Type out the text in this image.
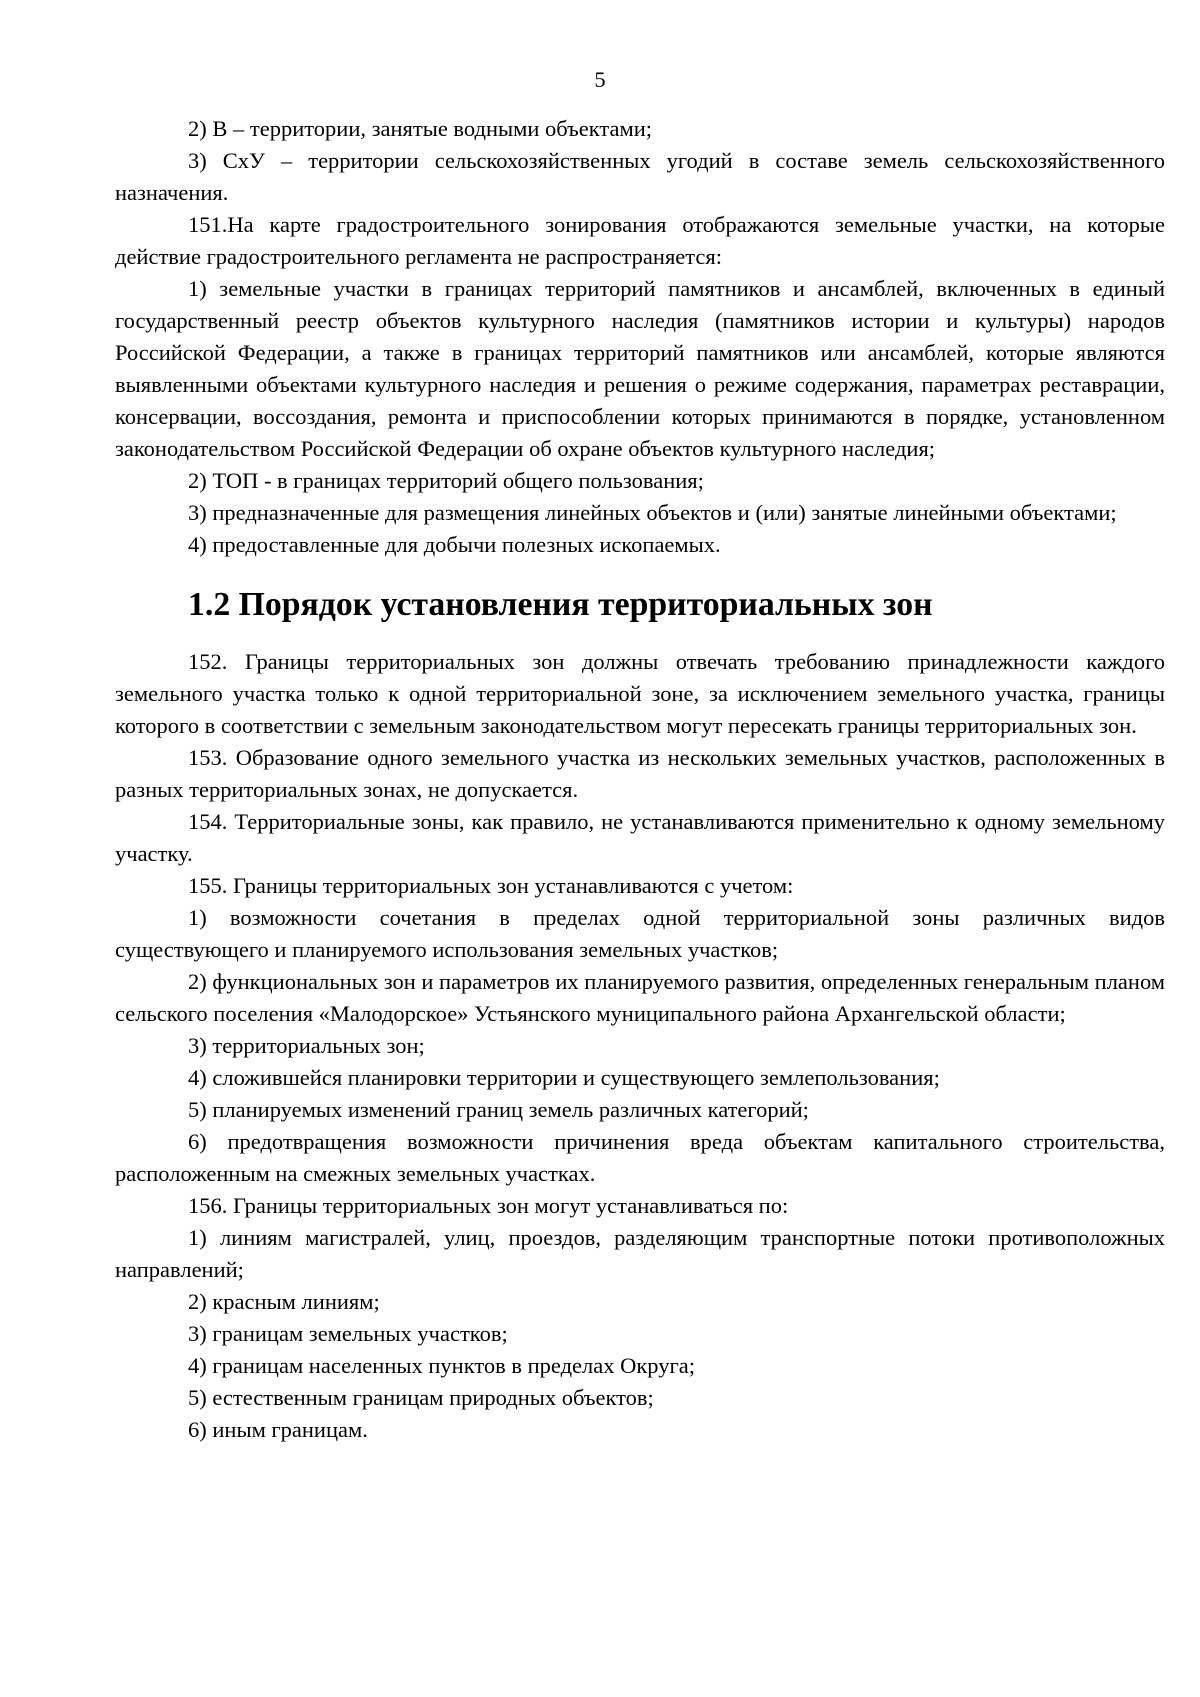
5

2) В – территории, занятые водными объектами;

3) СхУ – территории сельскохозяйственных угодий в составе земель сельскохозяйственного назначения.

151.На карте градостроительного зонирования отображаются земельные участки, на которые действие градостроительного регламента не распространяется:

1) земельные участки в границах территорий памятников и ансамблей, включенных в единый государственный реестр объектов культурного наследия (памятников истории и культуры) народов Российской Федерации, а также в границах территорий памятников или ансамблей, которые являются выявленными объектами культурного наследия и решения о режиме содержания, параметрах реставрации, консервации, воссоздания, ремонта и приспособлении которых принимаются в порядке, установленном законодательством Российской Федерации об охране объектов культурного наследия;

2) ТОП - в границах территорий общего пользования;

3) предназначенные для размещения линейных объектов и (или) занятые линейными объектами;

4) предоставленные для добычи полезных ископаемых.

1.2 Порядок установления территориальных зон

152. Границы территориальных зон должны отвечать требованию принадлежности каждого земельного участка только к одной территориальной зоне, за исключением земельного участка, границы которого в соответствии с земельным законодательством могут пересекать границы территориальных зон.

153. Образование одного земельного участка из нескольких земельных участков, расположенных в разных территориальных зонах, не допускается.

154. Территориальные зоны, как правило, не устанавливаются применительно к одному земельному участку.

155. Границы территориальных зон устанавливаются с учетом:

1) возможности сочетания в пределах одной территориальной зоны различных видов существующего и планируемого использования земельных участков;

2) функциональных зон и параметров их планируемого развития, определенных генеральным планом сельского поселения «Малодорское» Устьянского муниципального района Архангельской области;

3) территориальных зон;

4) сложившейся планировки территории и существующего землепользования;

5) планируемых изменений границ земель различных категорий;

6) предотвращения возможности причинения вреда объектам капитального строительства, расположенным на смежных земельных участках.

156. Границы территориальных зон могут устанавливаться по:

1) линиям магистралей, улиц, проездов, разделяющим транспортные потоки противоположных направлений;

2) красным линиям;

3) границам земельных участков;

4) границам населенных пунктов в пределах Округа;

5) естественным границам природных объектов;

6) иным границам.
